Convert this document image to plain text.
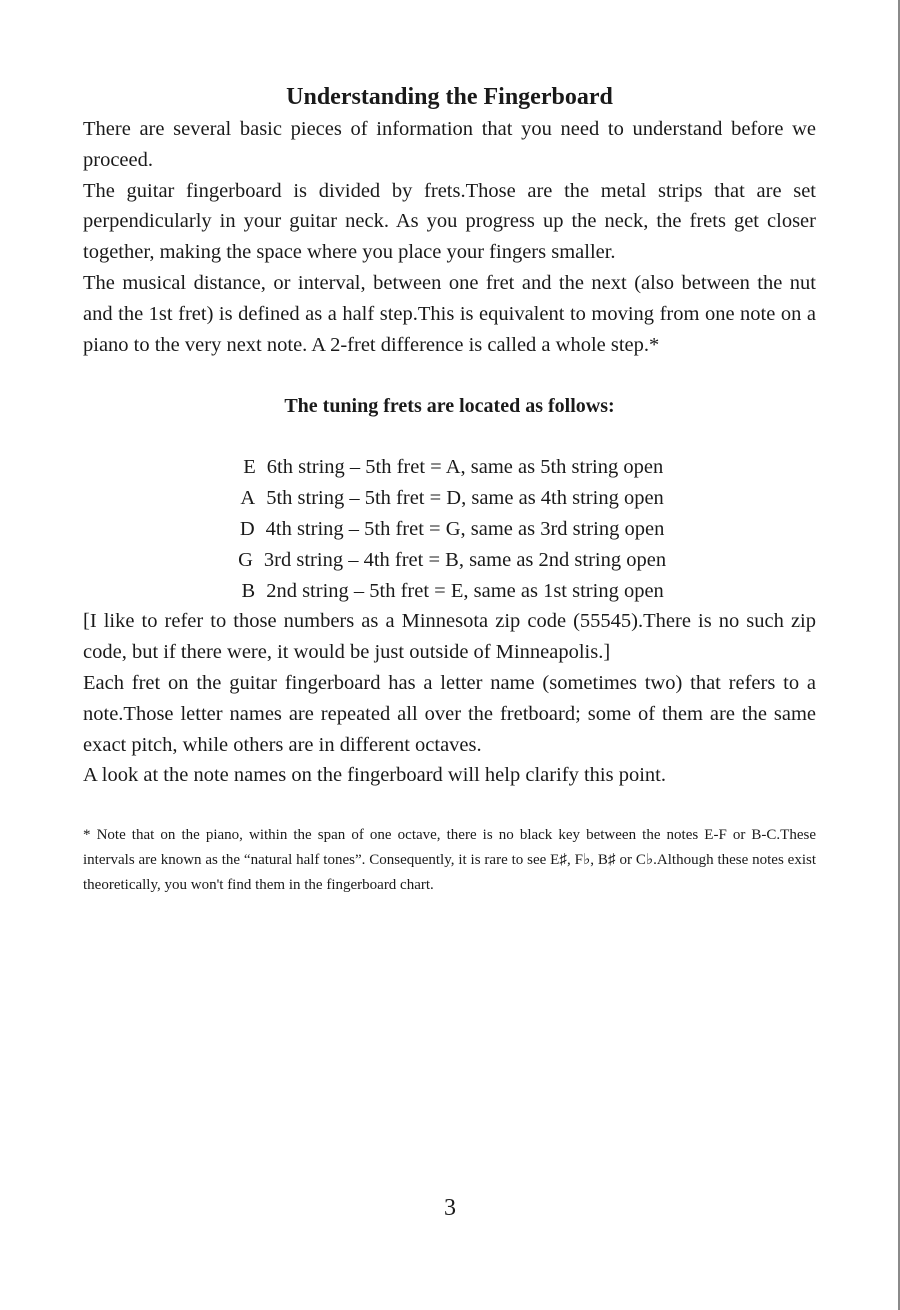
Understanding the Fingerboard

There are several basic pieces of information that you need to understand before we proceed.

The guitar fingerboard is divided by frets.Those are the metal strips that are set perpendicularly in your guitar neck. As you progress up the neck, the frets get closer together, making the space where you place your fingers smaller.

The musical distance, or interval, between one fret and the next (also between the nut and the 1st fret) is defined as a half step.This is equivalent to moving from one note on a piano to the very next note. A 2-fret difference is called a whole step.*

The tuning frets are located as follows:
E 6th string – 5th fret = A, same as 5th string open
A 5th string – 5th fret = D, same as 4th string open
D 4th string – 5th fret = G, same as 3rd string open
G 3rd string – 4th fret = B, same as 2nd string open
B 2nd string – 5th fret = E, same as 1st string open

[I like to refer to those numbers as a Minnesota zip code (55545).There is no such zip code, but if there were, it would be just outside of Minneapolis.]

Each fret on the guitar fingerboard has a letter name (sometimes two) that refers to a note.Those letter names are repeated all over the fretboard; some of them are the same exact pitch, while others are in different octaves.

A look at the note names on the fingerboard will help clarify this point.

* Note that on the piano, within the span of one octave, there is no black key between the notes E-F or B-C.These intervals are known as the “natural half tones”. Consequently, it is rare to see E♯, F♭, B♯ or C♭.Although these notes exist theoretically, you won't find them in the fingerboard chart.

3
